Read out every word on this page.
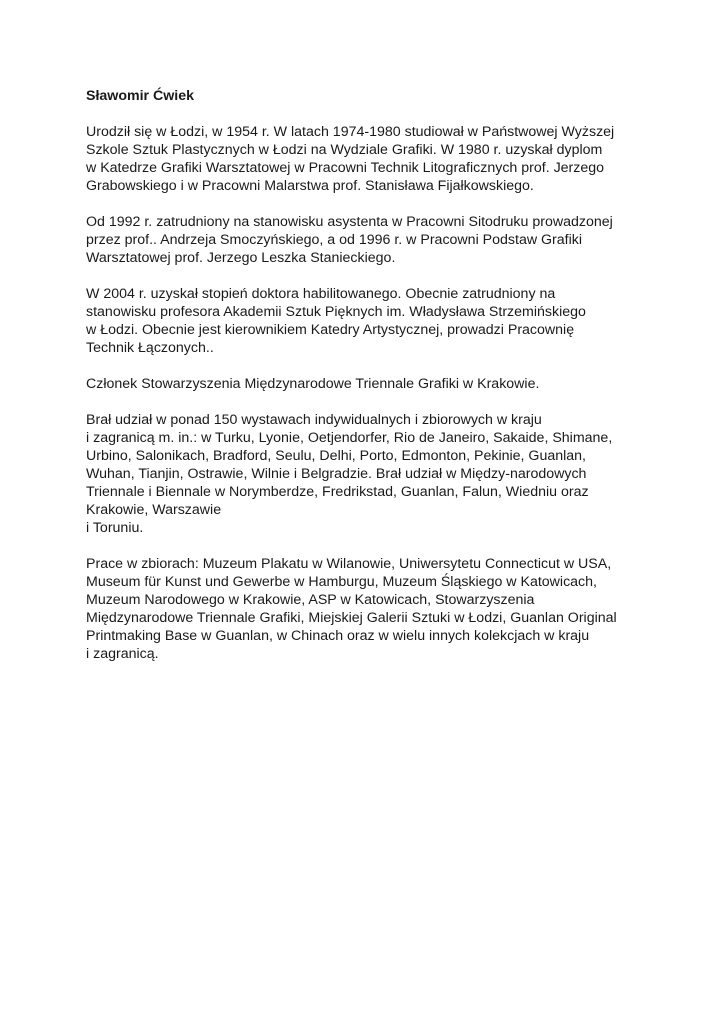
Sławomir Ćwiek
Urodził się w Łodzi, w 1954 r. W latach 1974-1980 studiował w Państwowej Wyższej
Szkole Sztuk Plastycznych w Łodzi na Wydziale Grafiki. W 1980 r. uzyskał dyplom
w Katedrze Grafiki Warsztatowej w Pracowni Technik Litograficznych prof. Jerzego
Grabowskiego i w Pracowni Malarstwa prof. Stanisława Fijałkowskiego.
Od 1992 r. zatrudniony na stanowisku asystenta w Pracowni Sitodruku prowadzonej
przez prof.. Andrzeja Smoczyńskiego, a od 1996 r. w Pracowni Podstaw Grafiki
Warsztatowej prof. Jerzego Leszka Stanieckiego.
W 2004 r. uzyskał stopień doktora habilitowanego. Obecnie zatrudniony na
stanowisku profesora Akademii Sztuk Pięknych im. Władysława Strzemińskiego
w Łodzi. Obecnie jest kierownikiem Katedry Artystycznej, prowadzi Pracownię
Technik Łączonych..
Członek Stowarzyszenia Międzynarodowe Triennale Grafiki w Krakowie.
Brał udział w ponad 150 wystawach indywidualnych i zbiorowych w kraju
i zagranicą m. in.: w Turku, Lyonie, Oetjendorfer, Rio de Janeiro, Sakaide, Shimane,
Urbino, Salonikach, Bradford, Seulu, Delhi, Porto, Edmonton, Pekinie, Guanlan,
Wuhan, Tianjin, Ostrawie, Wilnie i Belgradzie. Brał udział w Między-narodowych
Triennale i Biennale w Norymberdze, Fredrikstad, Guanlan, Falun, Wiedniu oraz
Krakowie, Warszawie
i Toruniu.
Prace w zbiorach: Muzeum Plakatu w Wilanowie, Uniwersytetu Connecticut w USA,
Museum für Kunst und Gewerbe w Hamburgu, Muzeum Śląskiego w Katowicach,
Muzeum Narodowego w Krakowie, ASP w Katowicach, Stowarzyszenia
Międzynarodowe Triennale Grafiki, Miejskiej Galerii Sztuki w Łodzi, Guanlan Original
Printmaking Base w Guanlan, w Chinach oraz w wielu innych kolekcjach w kraju
i zagranicą.
